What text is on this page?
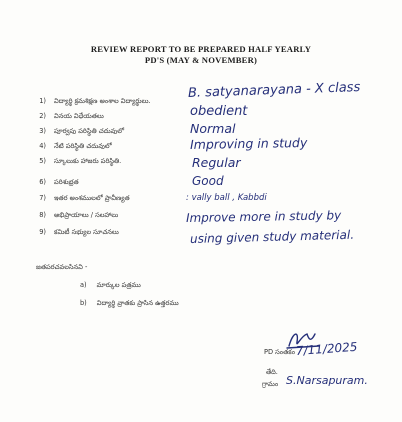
REVIEW REPORT TO BE PREPARED HALF YEARLY
PD'S (MAY & NOVEMBER)
1) విద్యార్థి క్రమశిక్షణ అంశాల విద్యార్థులు.
2) వినయ విధేయతలు
3) పూర్వపు పరిస్థితి చదువులో
4) నేటి పరిస్థితి చదువులో
5) స్కూలుకు హాజరు పరిస్థితి.
6) పరిశుభ్రత
7) ఇతర అంశములలో ప్రావీణ్యత
8) అభిప్రాయాలు / సలహాలు
9) కమిటీ సభ్యుల సూచనలు
B. satyanarayana - X class
obedient
Normal
Improving in study
Regular
Good
: vally ball , Kabbdi
Improve more in study by
using given study material.
జతపరచవలసినవి -
a) మార్కుల పత్రము
b) విద్యార్థి వ్రాతకు ప్రాసిన ఉత్తరము
PD సంతకం 7/11/2025
తేది.
గ్రామం S.Narsapuram.
